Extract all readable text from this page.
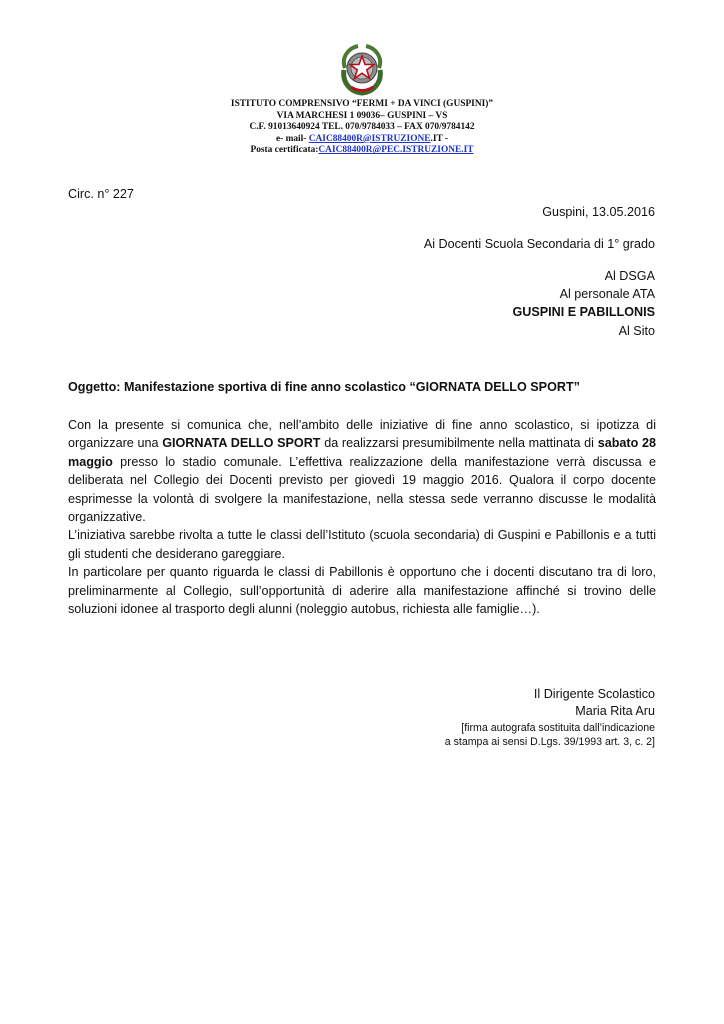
ISTITUTO COMPRENSIVO “FERMI + DA VINCI (GUSPINI)”
VIA MARCHESI 1 09036– GUSPINI – VS
C.F. 91013640924 TEL. 070/9784033 – FAX 070/9784142
e- mail- CAIC88400R@ISTRUZIONE.IT -
Posta certificata:CAIC88400R@PEC.ISTRUZIONE.IT
Circ. n° 227
Guspini, 13.05.2016
Ai Docenti Scuola Secondaria di 1° grado
Al DSGA
Al personale ATA
GUSPINI E PABILLONIS
Al Sito
Oggetto: Manifestazione sportiva di fine anno scolastico “GIORNATA DELLO SPORT”

Con la presente si comunica che, nell’ambito delle iniziative di fine anno scolastico, si ipotizza di organizzare una GIORNATA DELLO SPORT da realizzarsi presumibilmente nella mattinata di sabato 28 maggio presso lo stadio comunale. L’effettiva realizzazione della manifestazione verrà discussa e deliberata nel Collegio dei Docenti previsto per giovedì 19 maggio 2016. Qualora il corpo docente esprimesse la volontà di svolgere la manifestazione, nella stessa sede verranno discusse le modalità organizzative.

L’iniziativa sarebbe rivolta a tutte le classi dell’Istituto (scuola secondaria) di Guspini e Pabillonis e a tutti gli studenti che desiderano gareggiare.

In particolare per quanto riguarda le classi di Pabillonis è opportuno che i docenti discutano tra di loro, preliminarmente al Collegio, sull’opportunità di aderire alla manifestazione affinché si trovino delle soluzioni idonee al trasporto degli alunni (noleggio autobus, richiesta alle famiglie…).

Il Dirigente Scolastico
Maria Rita Aru
[firma autografa sostituita dall’indicazione
a stampa ai sensi D.Lgs. 39/1993 art. 3, c. 2]
